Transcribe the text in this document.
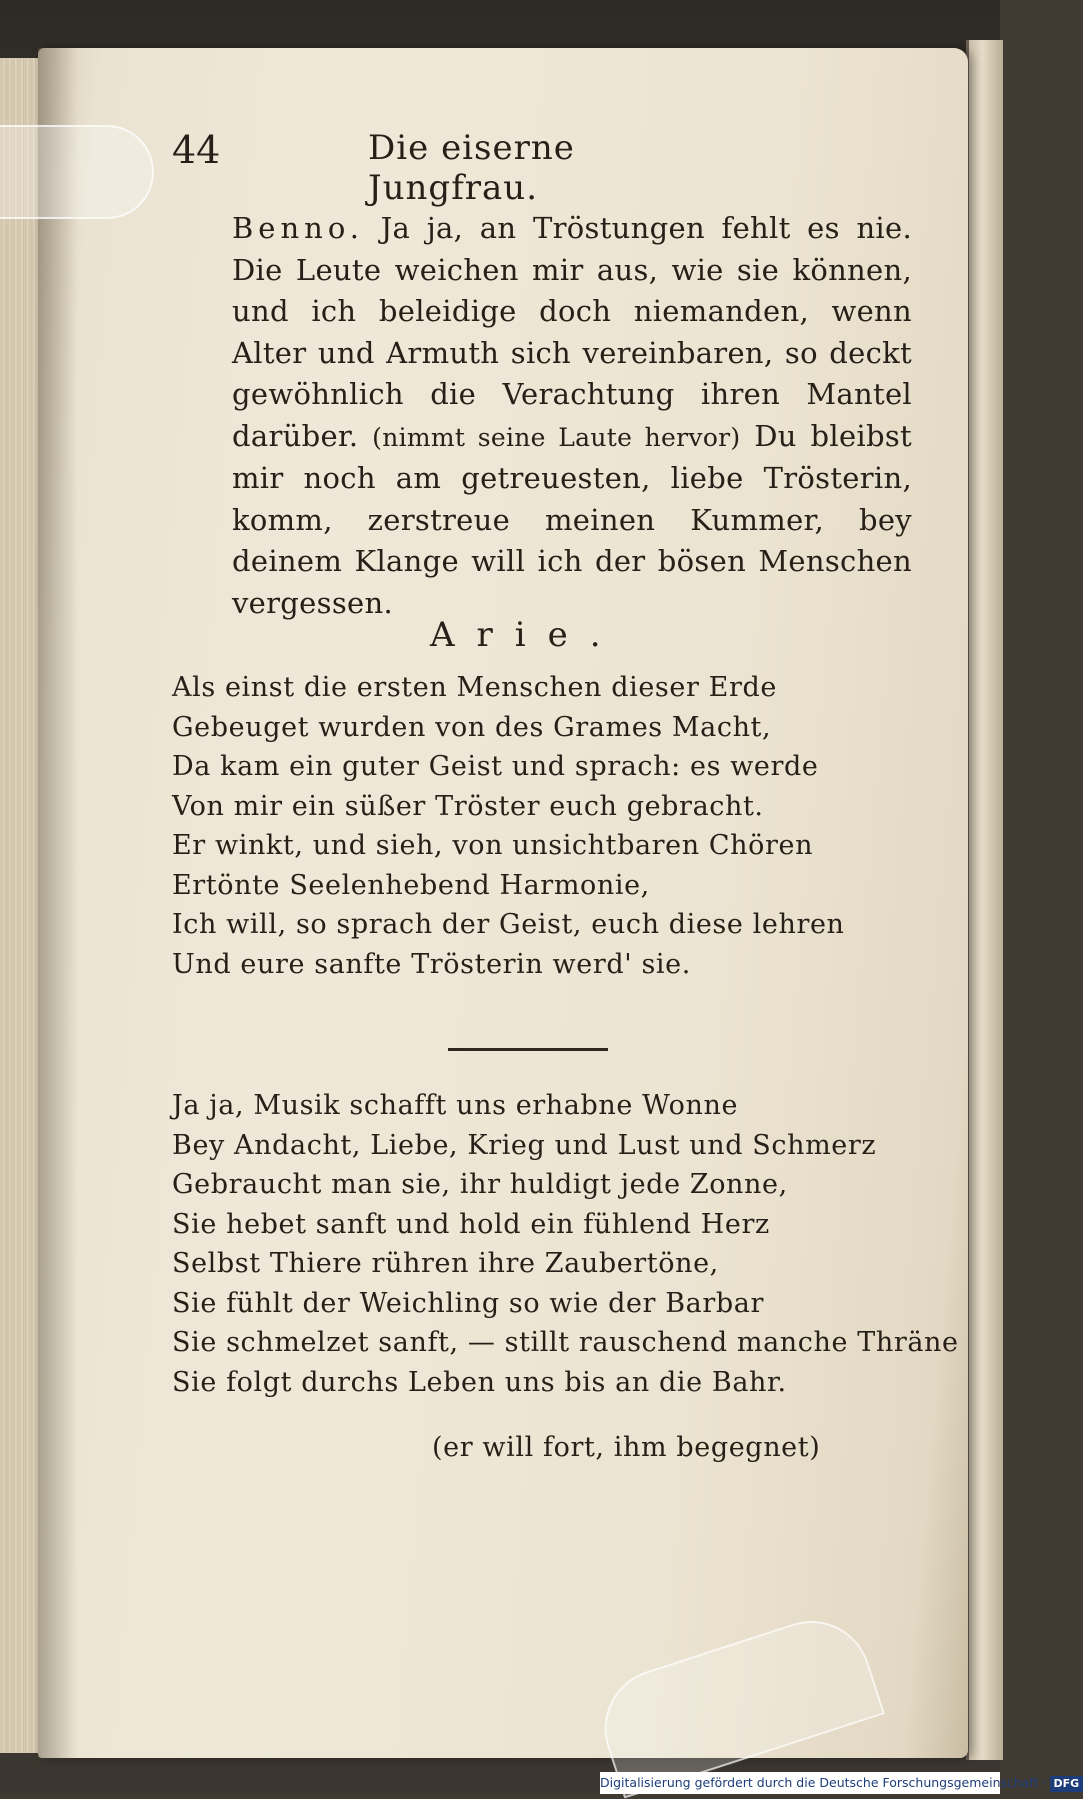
44	Die eiserne Jungfrau.

Benno. Ja ja, an Tröstungen fehlt es nie. Die Leute weichen mir aus, wie sie können, und ich beleidige doch niemanden, wenn Alter und Armuth sich vereinbaren, so deckt gewöhnlich die Verachtung ihren Mantel darüber. (nimmt seine Laute hervor) Du bleibst mir noch am getreuesten, liebe Trösterin, komm, zerstreue meinen Kummer, bey deinem Klange will ich der bösen Menschen vergessen.

Arie.
Als einst die ersten Menschen dieser Erde
Gebeuget wurden von des Grames Macht,
Da kam ein guter Geist und sprach: es werde
Von mir ein süßer Tröster euch gebracht.
Er winkt, und sieh, von unsichtbaren Chören
Ertönte Seelenhebend Harmonie,
Ich will, so sprach der Geist, euch diese lehren
Und eure sanfte Trösterin werd' sie.
Ja ja, Musik schafft uns erhabne Wonne
Bey Andacht, Liebe, Krieg und Lust und Schmerz
Gebraucht man sie, ihr huldigt jede Zonne,
Sie hebet sanft und hold ein fühlend Herz
Selbst Thiere rühren ihre Zaubertöne,
Sie fühlt der Weichling so wie der Barbar
Sie schmelzet sanft, — stillt rauschend manche Thräne
Sie folgt durchs Leben uns bis an die Bahr.
(er will fort, ihm begegnet)
Digitalisierung gefördert durch die Deutsche Forschungsgemeinschaft · DFG
